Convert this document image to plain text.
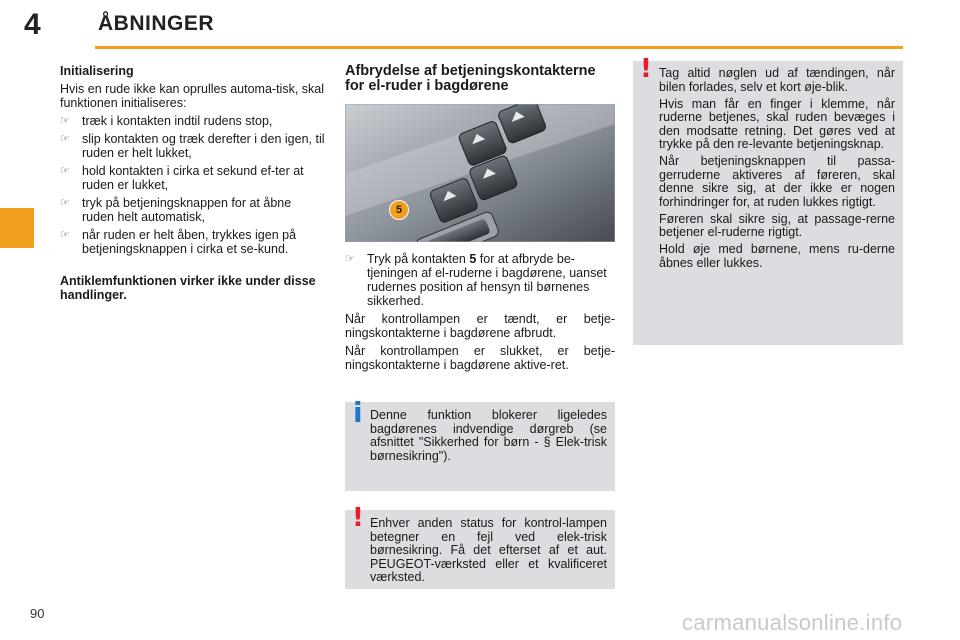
4	ÅBNINGER

Initialisering

Hvis en rude ikke kan oprulles automa-tisk, skal funktionen initialiseres:

☞ træk i kontakten indtil rudens stop,
☞ slip kontakten og træk derefter i den igen, til ruden er helt lukket,
☞ hold kontakten i cirka et sekund ef-ter at ruden er lukket,
☞ tryk på betjeningsknappen for at åbne ruden helt automatisk,
☞ når ruden er helt åben, trykkes igen på betjeningsknappen i cirka et se-kund.

Antiklemfunktionen virker ikke under disse handlinger.

Afbrydelse af betjeningskontakterne for el-ruder i bagdørene
5
☞ Tryk på kontakten 5 for at afbryde be-tjeningen af el-ruderne i bagdørene, uanset rudernes position af hensyn til børnenes sikkerhed.

Når kontrollampen er tændt, er betje-ningskontakterne i bagdørene afbrudt.

Når kontrollampen er slukket, er betje-ningskontakterne i bagdørene aktive-ret.

i Denne funktion blokerer ligeledes bagdørenes indvendige dørgreb (se afsnittet "Sikkerhed for børn - § Elek-trisk børnesikring").

! Enhver anden status for kontrol-lampen betegner en fejl ved elek-trisk børnesikring. Få det efterset af et aut. PEUGEOT-værksted eller et kvalificeret værksted.

! Tag altid nøglen ud af tændingen, når bilen forlades, selv et kort øje-blik.

Hvis man får en finger i klemme, når ruderne betjenes, skal ruden bevæges i den modsatte retning. Det gøres ved at trykke på den re-levante betjeningsknap.

Når betjeningsknappen til passa-gerruderne aktiveres af føreren, skal denne sikre sig, at der ikke er nogen forhindringer for, at ruden lukkes rigtigt.

Føreren skal sikre sig, at passage-rerne betjener el-ruderne rigtigt.

Hold øje med børnene, mens ru-derne åbnes eller lukkes.

90	carmanualsonline.info
